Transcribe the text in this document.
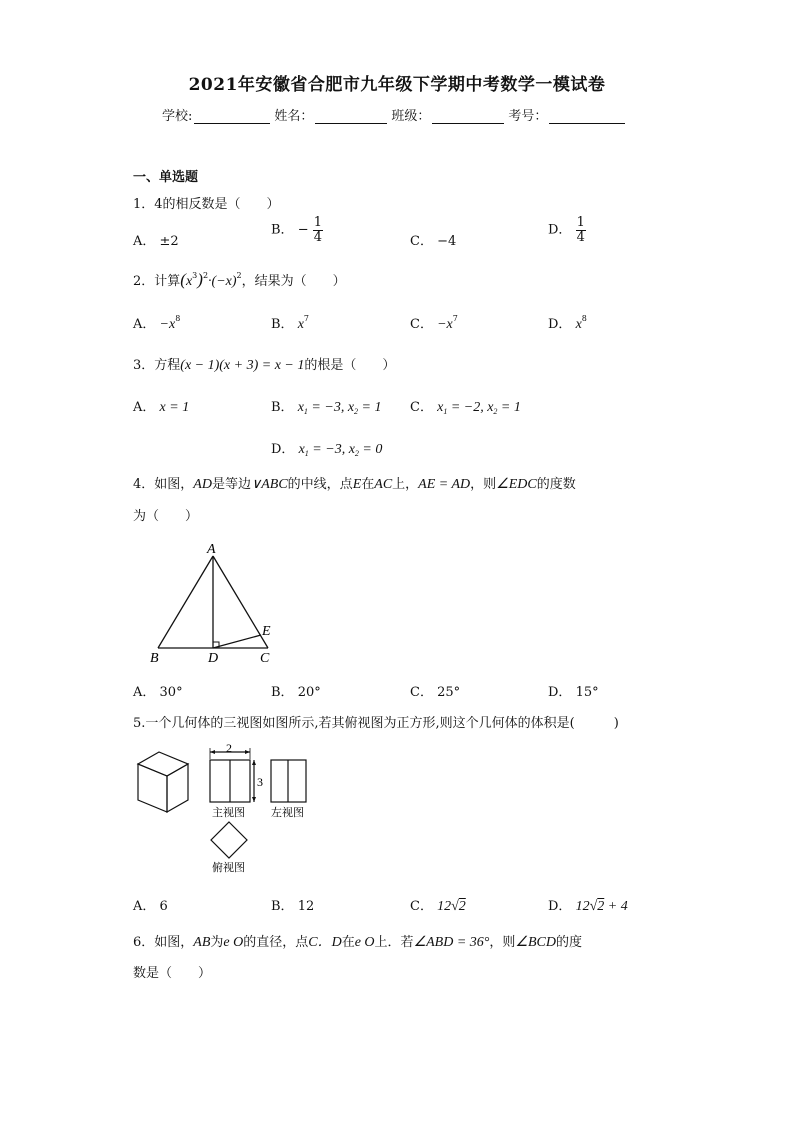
2021年安徽省合肥市九年级下学期中考数学一模试卷
学校:	姓名：	班级：	考号：
一、单选题
1．4的相反数是（　　）
A． ±2
B． − $\frac{1}{4}$	C． −4
D． $\frac{1}{4}$
2．计算$(x^3)^2\cdot(-x)^2$，结果为（　　）
A． $-x^8$	B． $x^7$	C． $-x^7$	D． $x^8$
3．方程(x − 1)(x + 3) = x − 1的根是（　　）
A． x = 1	B． $x_1 = -3$, $x_2 = 1$ C． $x_1 = -2$, $x_2 = 1$
D． $x_1 = -3$, $x_2 = 0$
4．如图，AD是等边∨ABC的中线，点E在AC上，AE = AD，则∠EDC的度数
为（　　）
A
B	D	C
E
A． 30°	B． 20°	C． 25°	D． 15°
5.一个几何体的三视图如图所示,若其俯视图为正方形,则这个几何体的体积是(　　　)
2
3
主视图 左视图
俯视图
A． 6	B． 12	C． 12√2	D． 12√2 + 4
6．如图，AB为e O的直径，点C．D在e O上．若∠ABD = 36°，则∠BCD的度
数是（　　）
